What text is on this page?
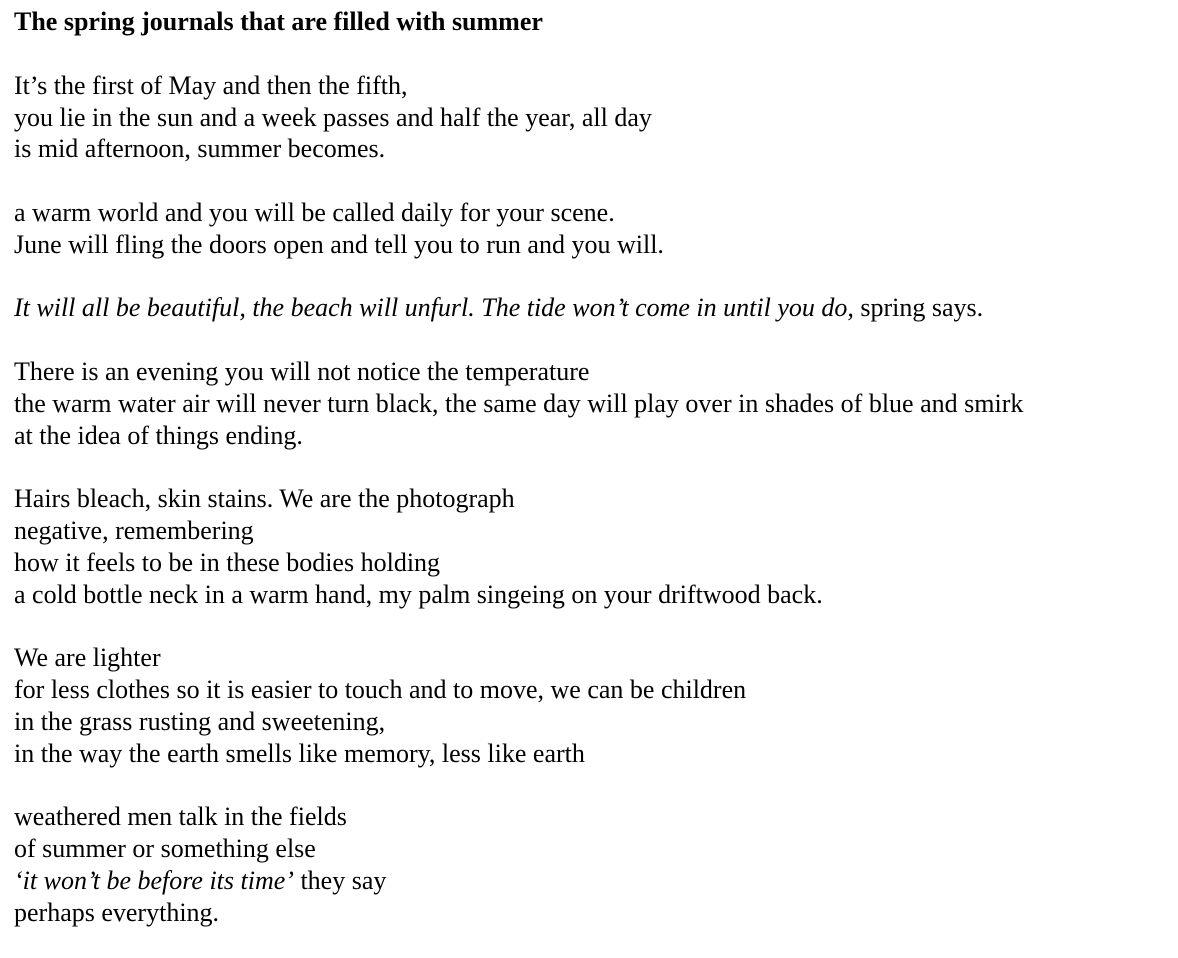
The spring journals that are filled with summer
It’s the first of May and then the fifth,
you lie in the sun and a week passes and half the year, all day
is mid afternoon, summer becomes.
a warm world and you will be called daily for your scene.
June will fling the doors open and tell you to run and you will.
It will all be beautiful, the beach will unfurl. The tide won’t come in until you do, spring says.
There is an evening you will not notice the temperature
the warm water air will never turn black, the same day will play over in shades of blue and smirk
at the idea of things ending.
Hairs bleach, skin stains. We are the photograph
negative, remembering
how it feels to be in these bodies holding
a cold bottle neck in a warm hand, my palm singeing on your driftwood back.
We are lighter
for less clothes so it is easier to touch and to move, we can be children
in the grass rusting and sweetening,
in the way the earth smells like memory, less like earth
weathered men talk in the fields
of summer or something else
‘it won’t be before its time’ they say
perhaps everything.
